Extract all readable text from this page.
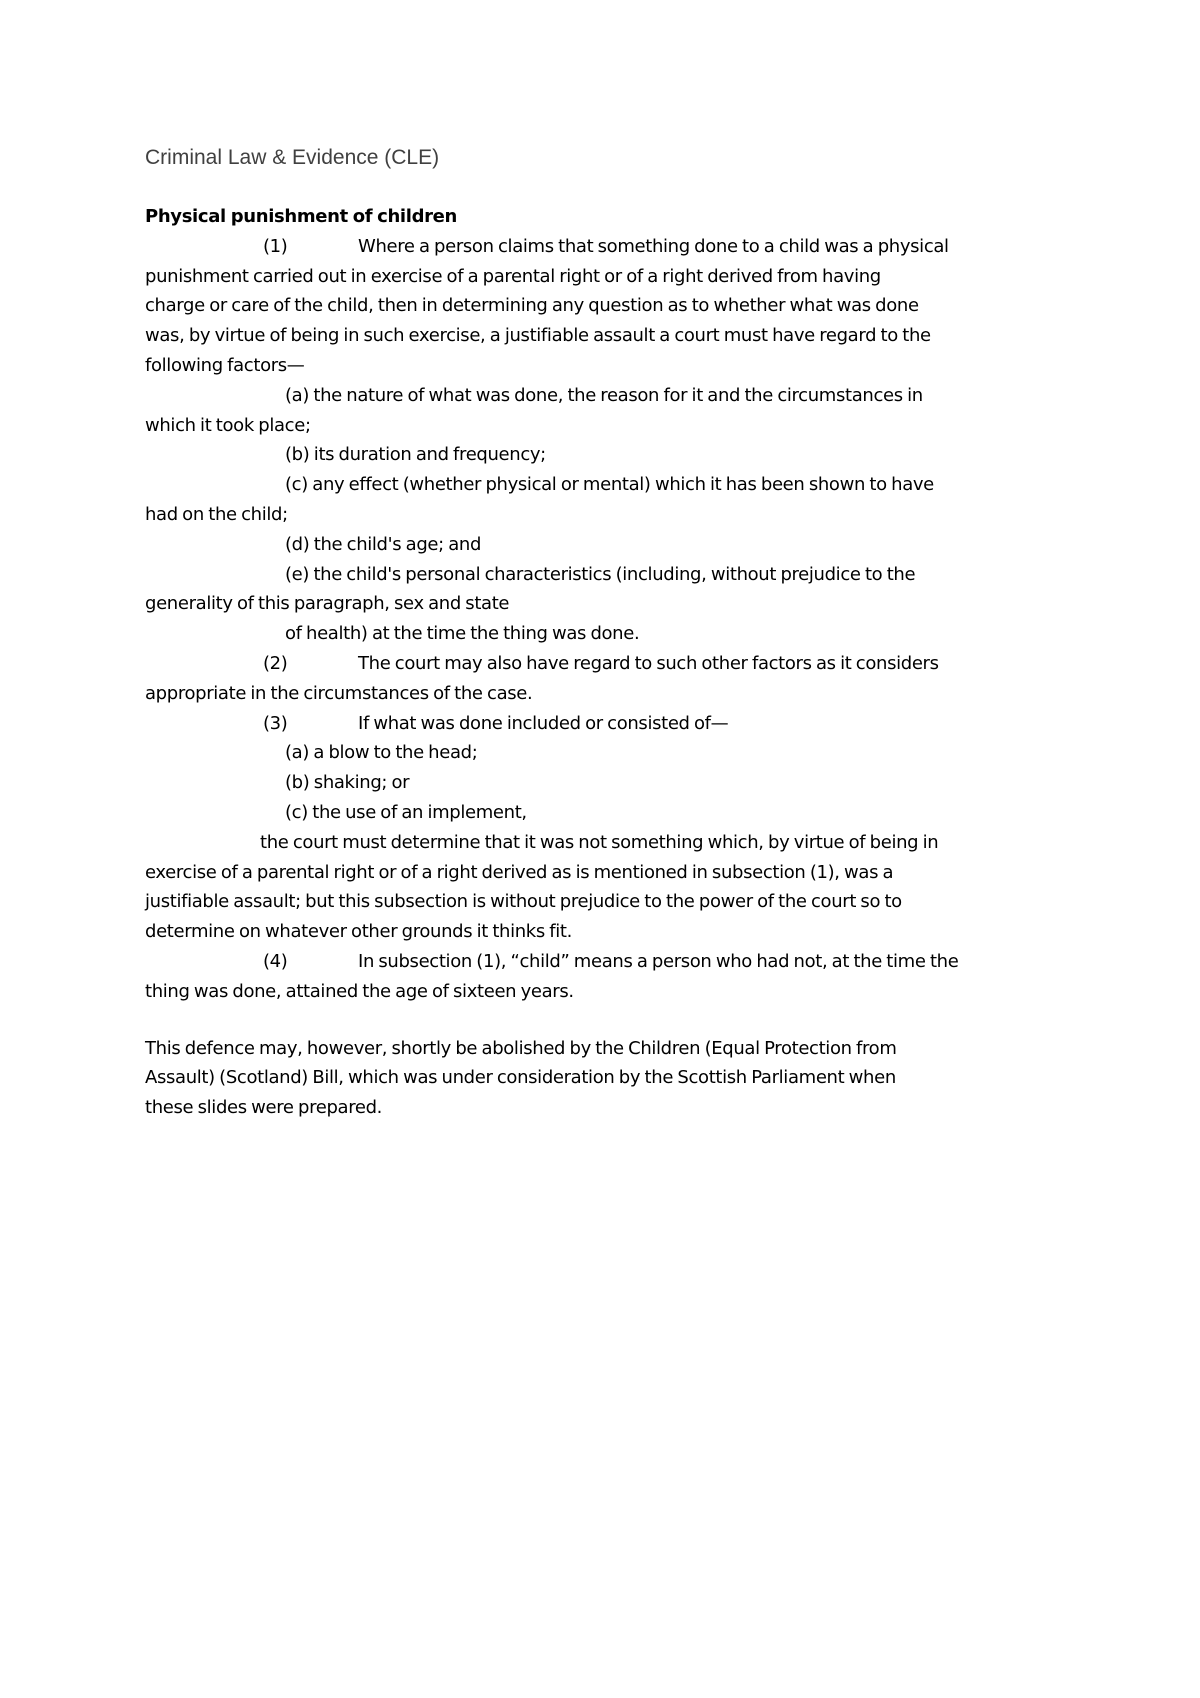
Criminal Law & Evidence (CLE)
Physical punishment of children
(1)	Where a person claims that something done to a child was a physical
punishment carried out in exercise of a parental right or of a right derived from having
charge or care of the child, then in determining any question as to whether what was done
was, by virtue of being in such exercise, a justifiable assault a court must have regard to the
following factors—
(a) the nature of what was done, the reason for it and the circumstances in
which it took place;
(b) its duration and frequency;
(c) any effect (whether physical or mental) which it has been shown to have
had on the child;
(d) the child's age; and
(e) the child's personal characteristics (including, without prejudice to the
generality of this paragraph, sex and state
of health) at the time the thing was done.
(2)	The court may also have regard to such other factors as it considers
appropriate in the circumstances of the case.
(3)	If what was done included or consisted of—
(a) a blow to the head;
(b) shaking; or
(c) the use of an implement,
the court must determine that it was not something which, by virtue of being in
exercise of a parental right or of a right derived as is mentioned in subsection (1), was a
justifiable assault; but this subsection is without prejudice to the power of the court so to
determine on whatever other grounds it thinks fit.
(4)	In subsection (1), “child” means a person who had not, at the time the
thing was done, attained the age of sixteen years.
This defence may, however, shortly be abolished by the Children (Equal Protection from
Assault) (Scotland) Bill, which was under consideration by the Scottish Parliament when
these slides were prepared.
